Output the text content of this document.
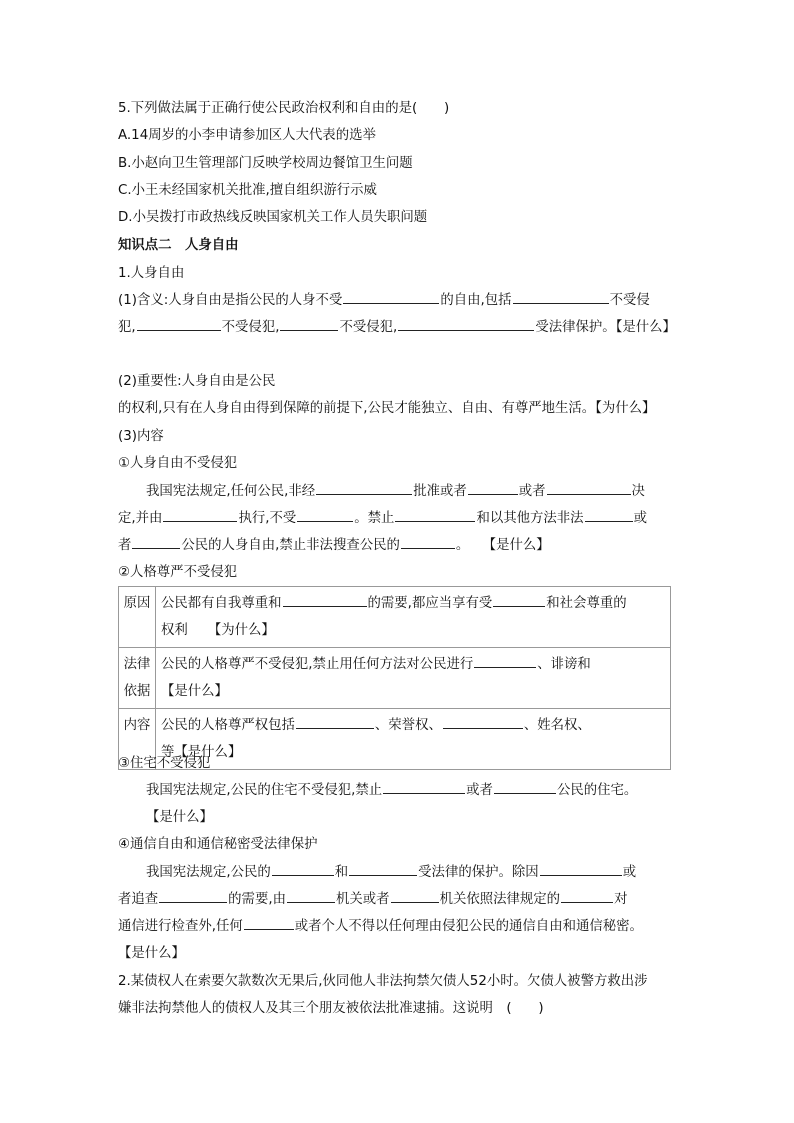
5.下列做法属于正确行使公民政治权利和自由的是(　　)
A.14周岁的小李申请参加区人大代表的选举
B.小赵向卫生管理部门反映学校周边餐馆卫生问题
C.小王未经国家机关批准,擅自组织游行示威
D.小吴拨打市政热线反映国家机关工作人员失职问题
知识点二　人身自由
1.人身自由
(1)含义:人身自由是指公民的人身不受	的自由,包括	不受侵
犯,	不受侵犯,	不受侵犯,	受法律保护。【是什么】
(2)重要性:人身自由是公民
的权利,只有在人身自由得到保障的前提下,公民才能独立、自由、有尊严地生活。【为什么】
(3)内容
①人身自由不受侵犯
我国宪法规定,任何公民,非经	批准或者	或者	决
定,并由	执行,不受	。禁止	和以其他方法非法	或
者	公民的人身自由,禁止非法搜查公民的	。　　【是什么】
②人格尊严不受侵犯
原因	公民都有自我尊重和 的需要,都应当享有受 和社会尊重的
权利　　【为什么】
法律依据	公民的人格尊严不受侵犯,禁止用任何方法对公民进行 、诽谤和
【是什么】
内容	公民的人格尊严权包括 、荣誉权、 、姓名权、
等【是什么】
③住宅不受侵犯
我国宪法规定,公民的住宅不受侵犯,禁止	或者	公民的住宅。
【是什么】
④通信自由和通信秘密受法律保护
我国宪法规定,公民的	和	受法律的保护。除因	或
者追查	的需要,由	机关或者	机关依照法律规定的	对
通信进行检查外,任何	或者个人不得以任何理由侵犯公民的通信自由和通信秘密。
【是什么】
2.某债权人在索要欠款数次无果后,伙同他人非法拘禁欠债人52小时。欠债人被警方救出涉
嫌非法拘禁他人的债权人及其三个朋友被依法批准逮捕。这说明　(　　)
